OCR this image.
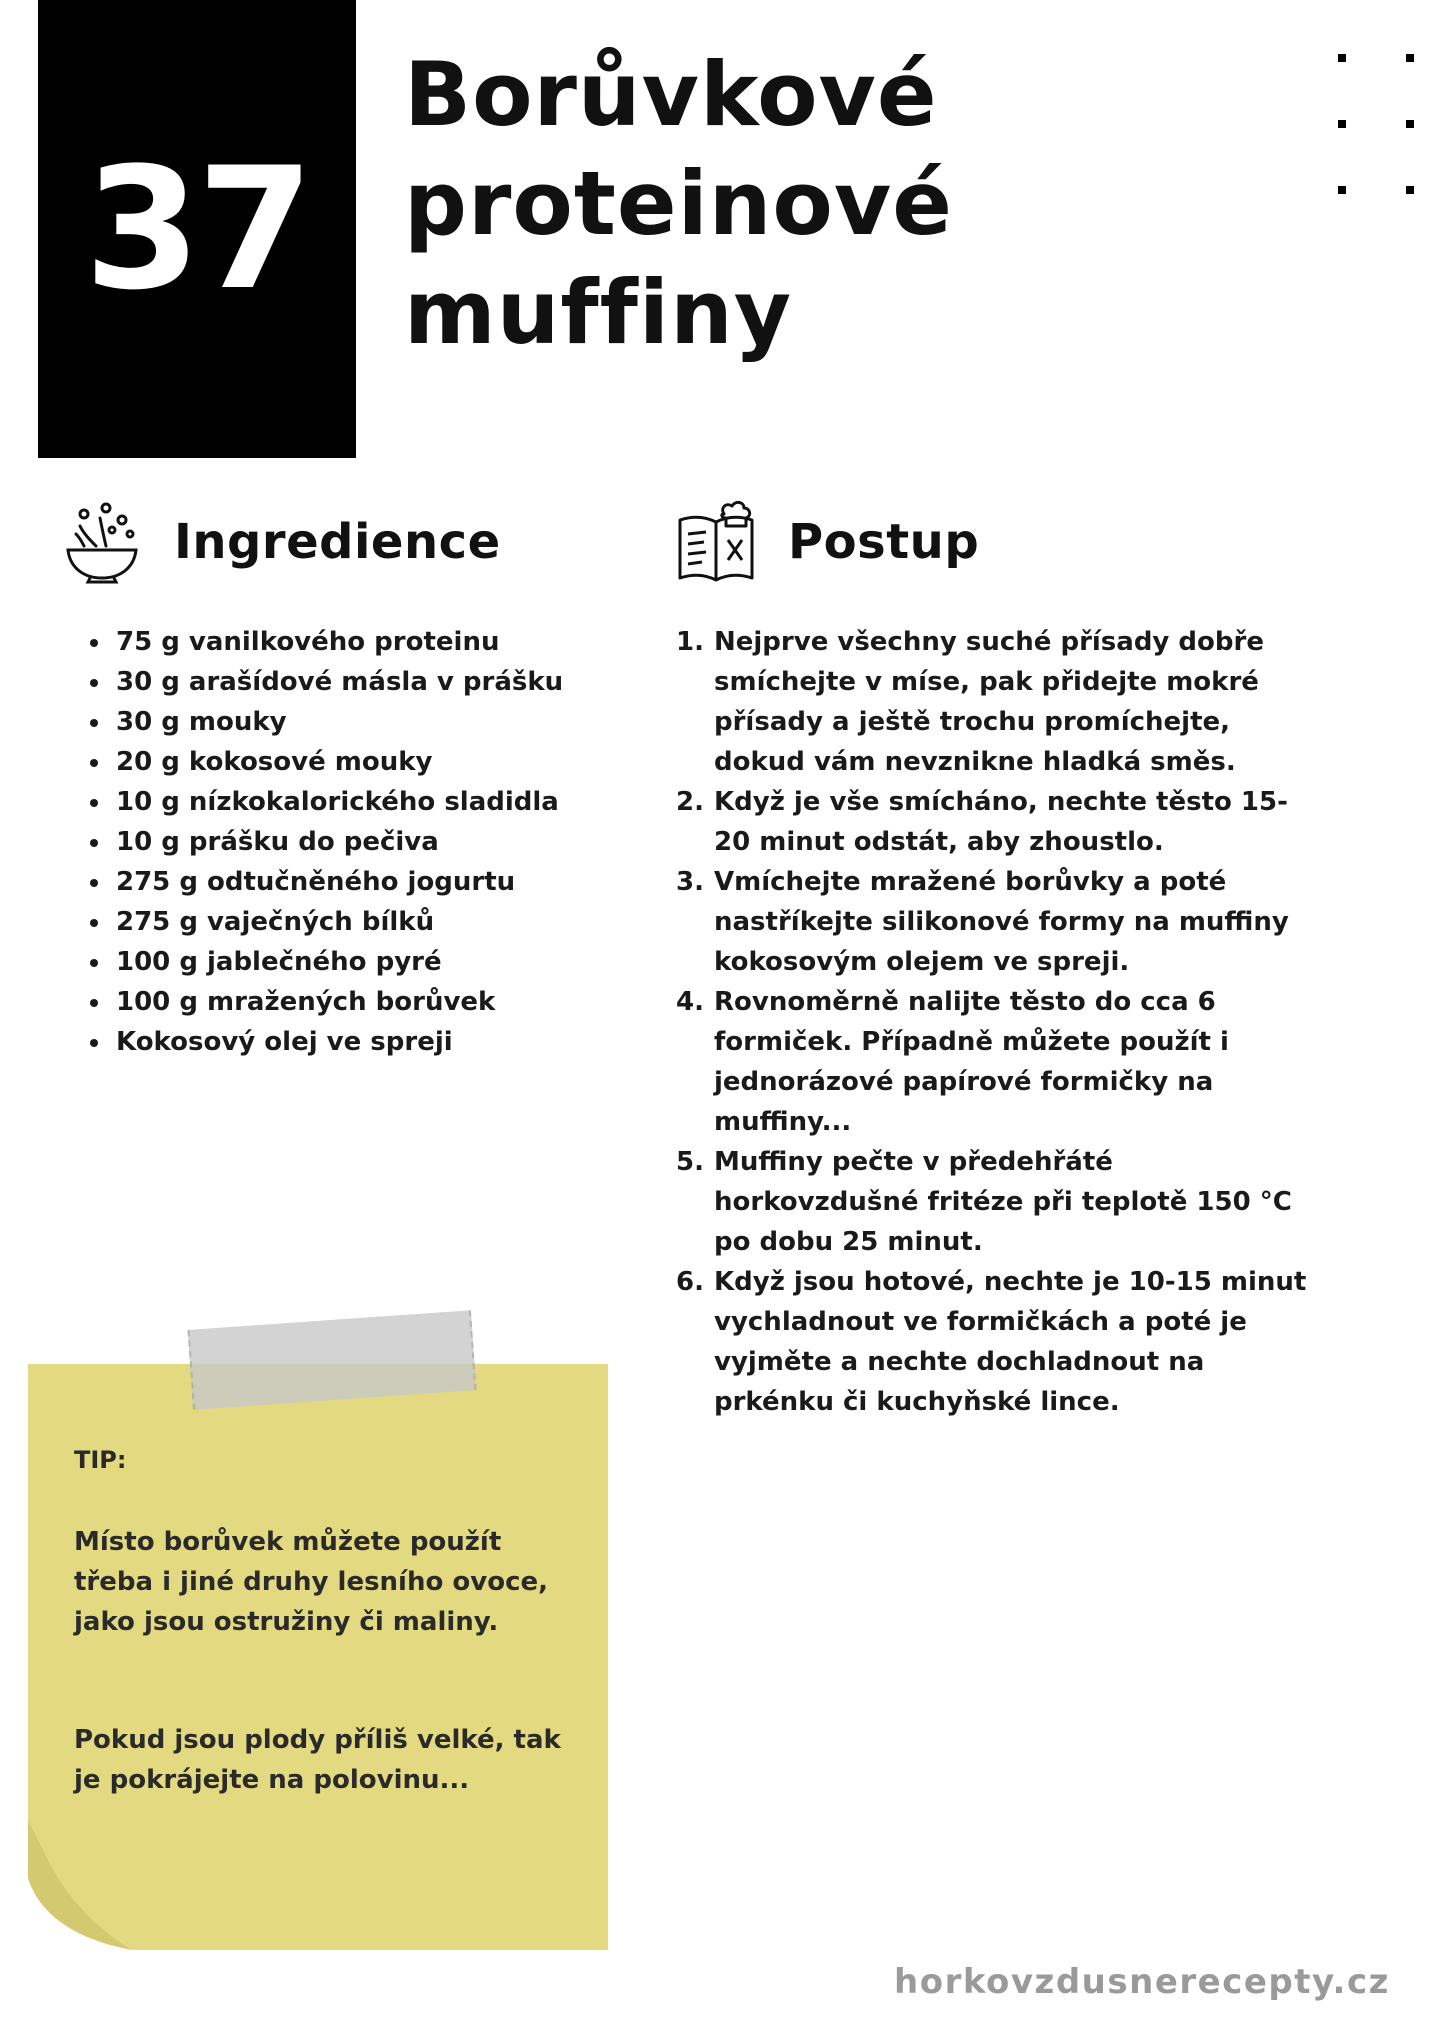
37
Borůvkové
proteinové
muffiny
Ingredience	Postup
75 g vanilkového proteinu
30 g arašídové másla v prášku
30 g mouky
20 g kokosové mouky
10 g nízkokalorického sladidla
10 g prášku do pečiva
275 g odtučněného jogurtu
275 g vaječných bílků
100 g jablečného pyré
100 g mražených borůvek
Kokosový olej ve spreji
1. Nejprve všechny suché přísady dobře smíchejte v míse, pak přidejte mokré přísady a ještě trochu promíchejte, dokud vám nevznikne hladká směs.
2. Když je vše smícháno, nechte těsto 15-20 minut odstát, aby zhoustlo.
3. Vmíchejte mražené borůvky a poté nastříkejte silikonové formy na muffiny kokosovým olejem ve spreji.
4. Rovnoměrně nalijte těsto do cca 6 formiček. Případně můžete použít i jednorázové papírové formičky na muffiny...
5. Muffiny pečte v předehřáté horkovzdušné fritéze při teplotě 150 °C po dobu 25 minut.
6. Když jsou hotové, nechte je 10-15 minut vychladnout ve formičkách a poté je vyjměte a nechte dochladnout na prkénku či kuchyňské lince.
TIP:

Místo borůvek můžete použít třeba i jiné druhy lesního ovoce, jako jsou ostružiny či maliny.

Pokud jsou plody příliš velké, tak je pokrájejte na polovinu...

horkovzdusnerecepty.cz
